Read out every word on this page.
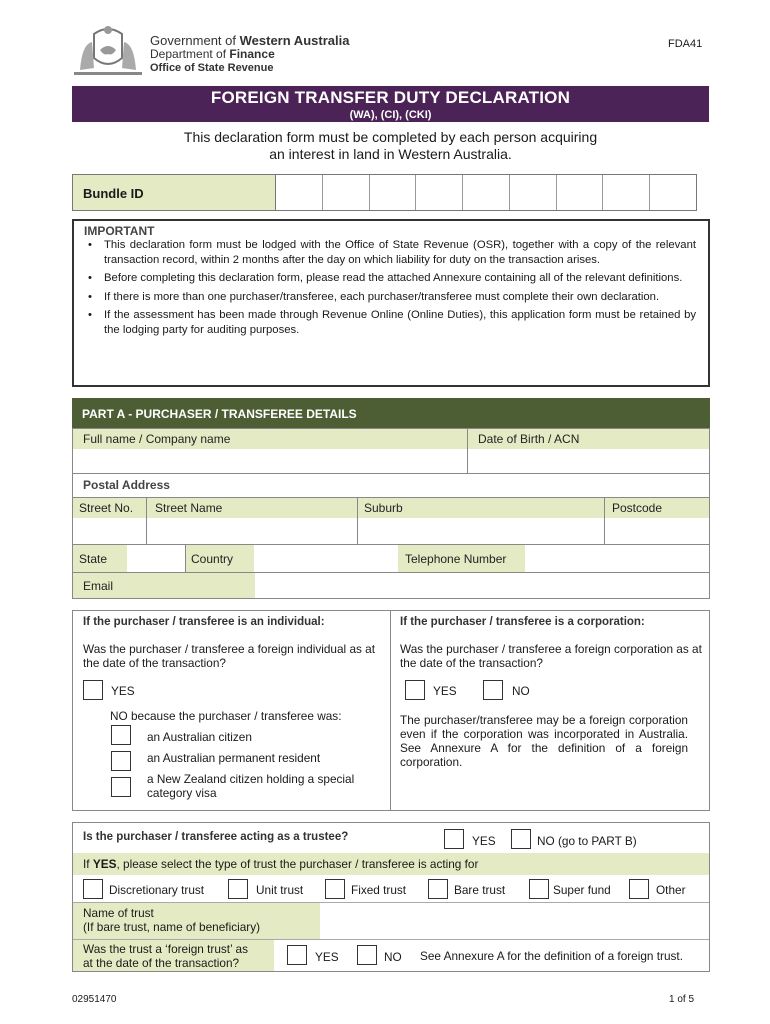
Government of Western Australia
Department of Finance
Office of State Revenue
FDA41
FOREIGN TRANSFER DUTY DECLARATION
(WA), (CI), (CKI)
This declaration form must be completed by each person acquiring
an interest in land in Western Australia.
Bundle ID
IMPORTANT
• This declaration form must be lodged with the Office of State Revenue (OSR), together with a copy of the relevant transaction record, within 2 months after the day on which liability for duty on the transaction arises.
• Before completing this declaration form, please read the attached Annexure containing all of the relevant definitions.
• If there is more than one purchaser/transferee, each purchaser/transferee must complete their own declaration.
• If the assessment has been made through Revenue Online (Online Duties), this application form must be retained by the lodging party for auditing purposes.
PART A - PURCHASER / TRANSFEREE DETAILS
Full name / Company name	Date of Birth / ACN
Postal Address
Street No.	Street Name	Suburb	Postcode
State	Country	Telephone Number
Email
If the purchaser / transferee is an individual:
Was the purchaser / transferee a foreign individual as at the date of the transaction?
YES
NO because the purchaser / transferee was:
an Australian citizen
an Australian permanent resident
a New Zealand citizen holding a special category visa
If the purchaser / transferee is a corporation:
Was the purchaser / transferee a foreign corporation as at the date of the transaction?
YES	NO
The purchaser/transferee may be a foreign corporation even if the corporation was incorporated in Australia. See Annexure A for the definition of a foreign corporation.
Is the purchaser / transferee acting as a trustee?	YES	NO (go to PART B)
If YES, please select the type of trust the purchaser / transferee is acting for
Discretionary trust	Unit trust	Fixed trust	Bare trust	Super fund	Other
Name of trust
(If bare trust, name of beneficiary)
Was the trust a ‘foreign trust’ as
at the date of the transaction?	YES	NO See Annexure A for the definition of a foreign trust.
02951470	1 of 5
